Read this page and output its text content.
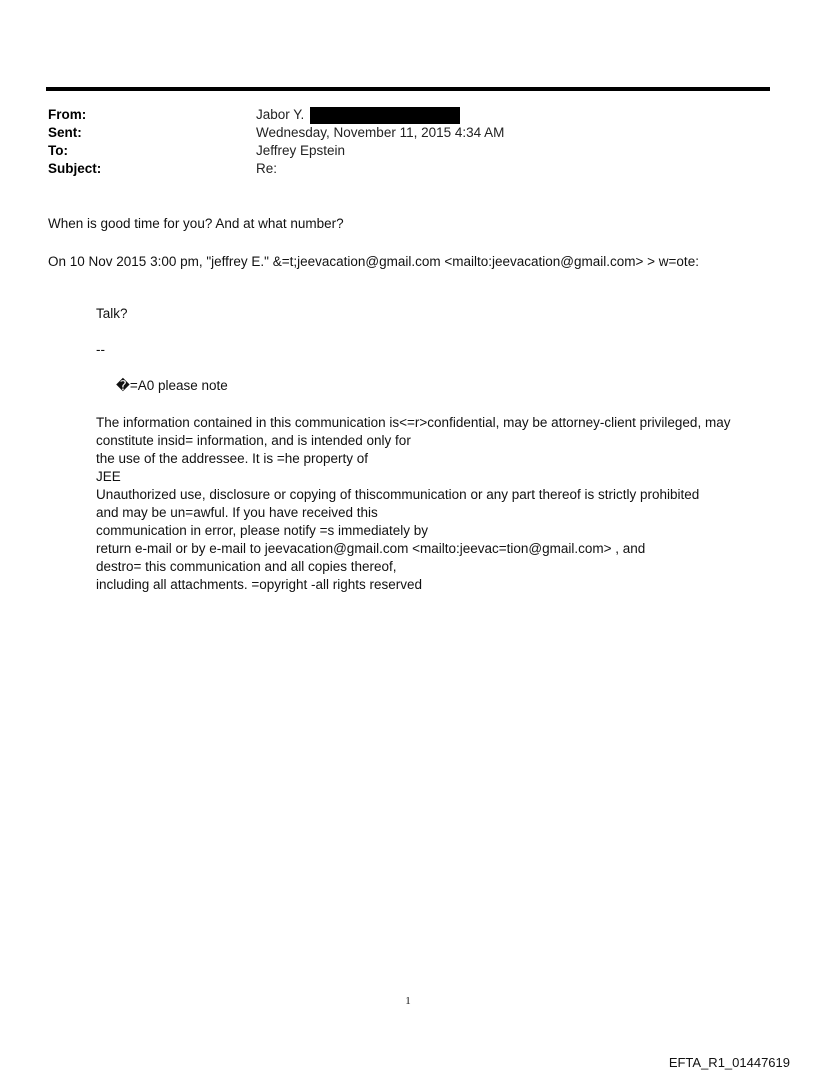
From:	Jabor Y.
Sent:	Wednesday, November 11, 2015 4:34 AM
To:	Jeffrey Epstein
Subject:	Re:
When is good time for you? And at what number?
On 10 Nov 2015 3:00 pm, "jeffrey E." &=t;jeevacation@gmail.com <mailto:jeevacation@gmail.com> > w=ote:
Talk?
--
�=A0 please note
The information contained in this communication is<=r>confidential, may be attorney-client privileged, may
constitute insid= information, and is intended only for
the use of the addressee. It is =he property of
JEE
Unauthorized use, disclosure or copying of thiscommunication or any part thereof is strictly prohibited
and may be un=awful. If you have received this
communication in error, please notify =s immediately by
return e-mail or by e-mail to jeevacation@gmail.com <mailto:jeevac=tion@gmail.com> , and
destro= this communication and all copies thereof,
including all attachments. =opyright -all rights reserved
1
EFTA_R1_01447619
